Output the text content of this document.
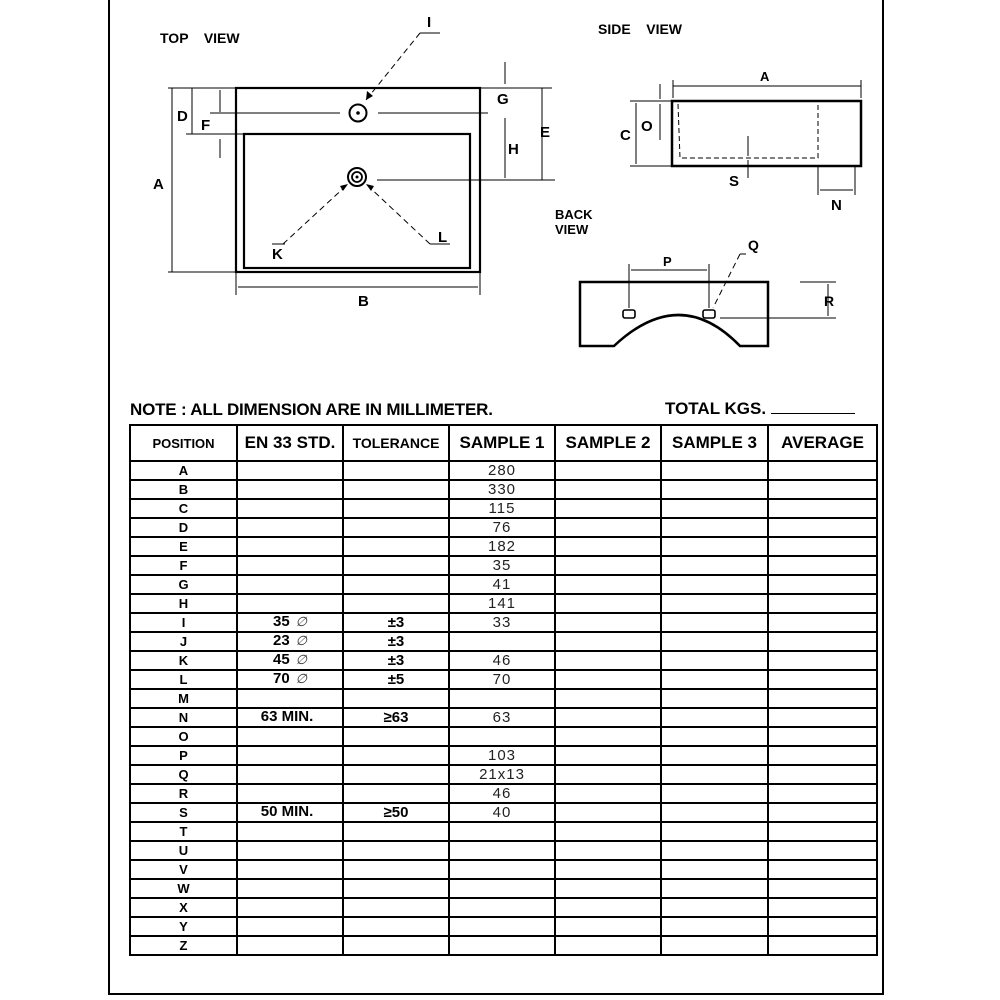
TOP    VIEW
SIDE    VIEW
BACK
VIEW
A
D
F
I
G
H
E
K
L
B
A
C
O
S
N
P
Q
R
NOTE : ALL DIMENSION ARE IN MILLIMETER.	TOTAL KGS.
POSITION	EN 33 STD.	TOLERANCE	SAMPLE 1	SAMPLE 2	SAMPLE 3	AVERAGE
A			280			
B			330			
C			115			
D			76			
E			182			
F			35			
G			41			
H			141			
I	35 ∅	±3	33			
J	23 ∅	±3				
K	45 ∅	±3	46			
L	70 ∅	±5	70			
M						
N	63 MIN.	≥63	63			
O						
P			103			
Q			21x13			
R			46			
S	50 MIN.	≥50	40			
T						
U						
V						
W						
X						
Y						
Z						
